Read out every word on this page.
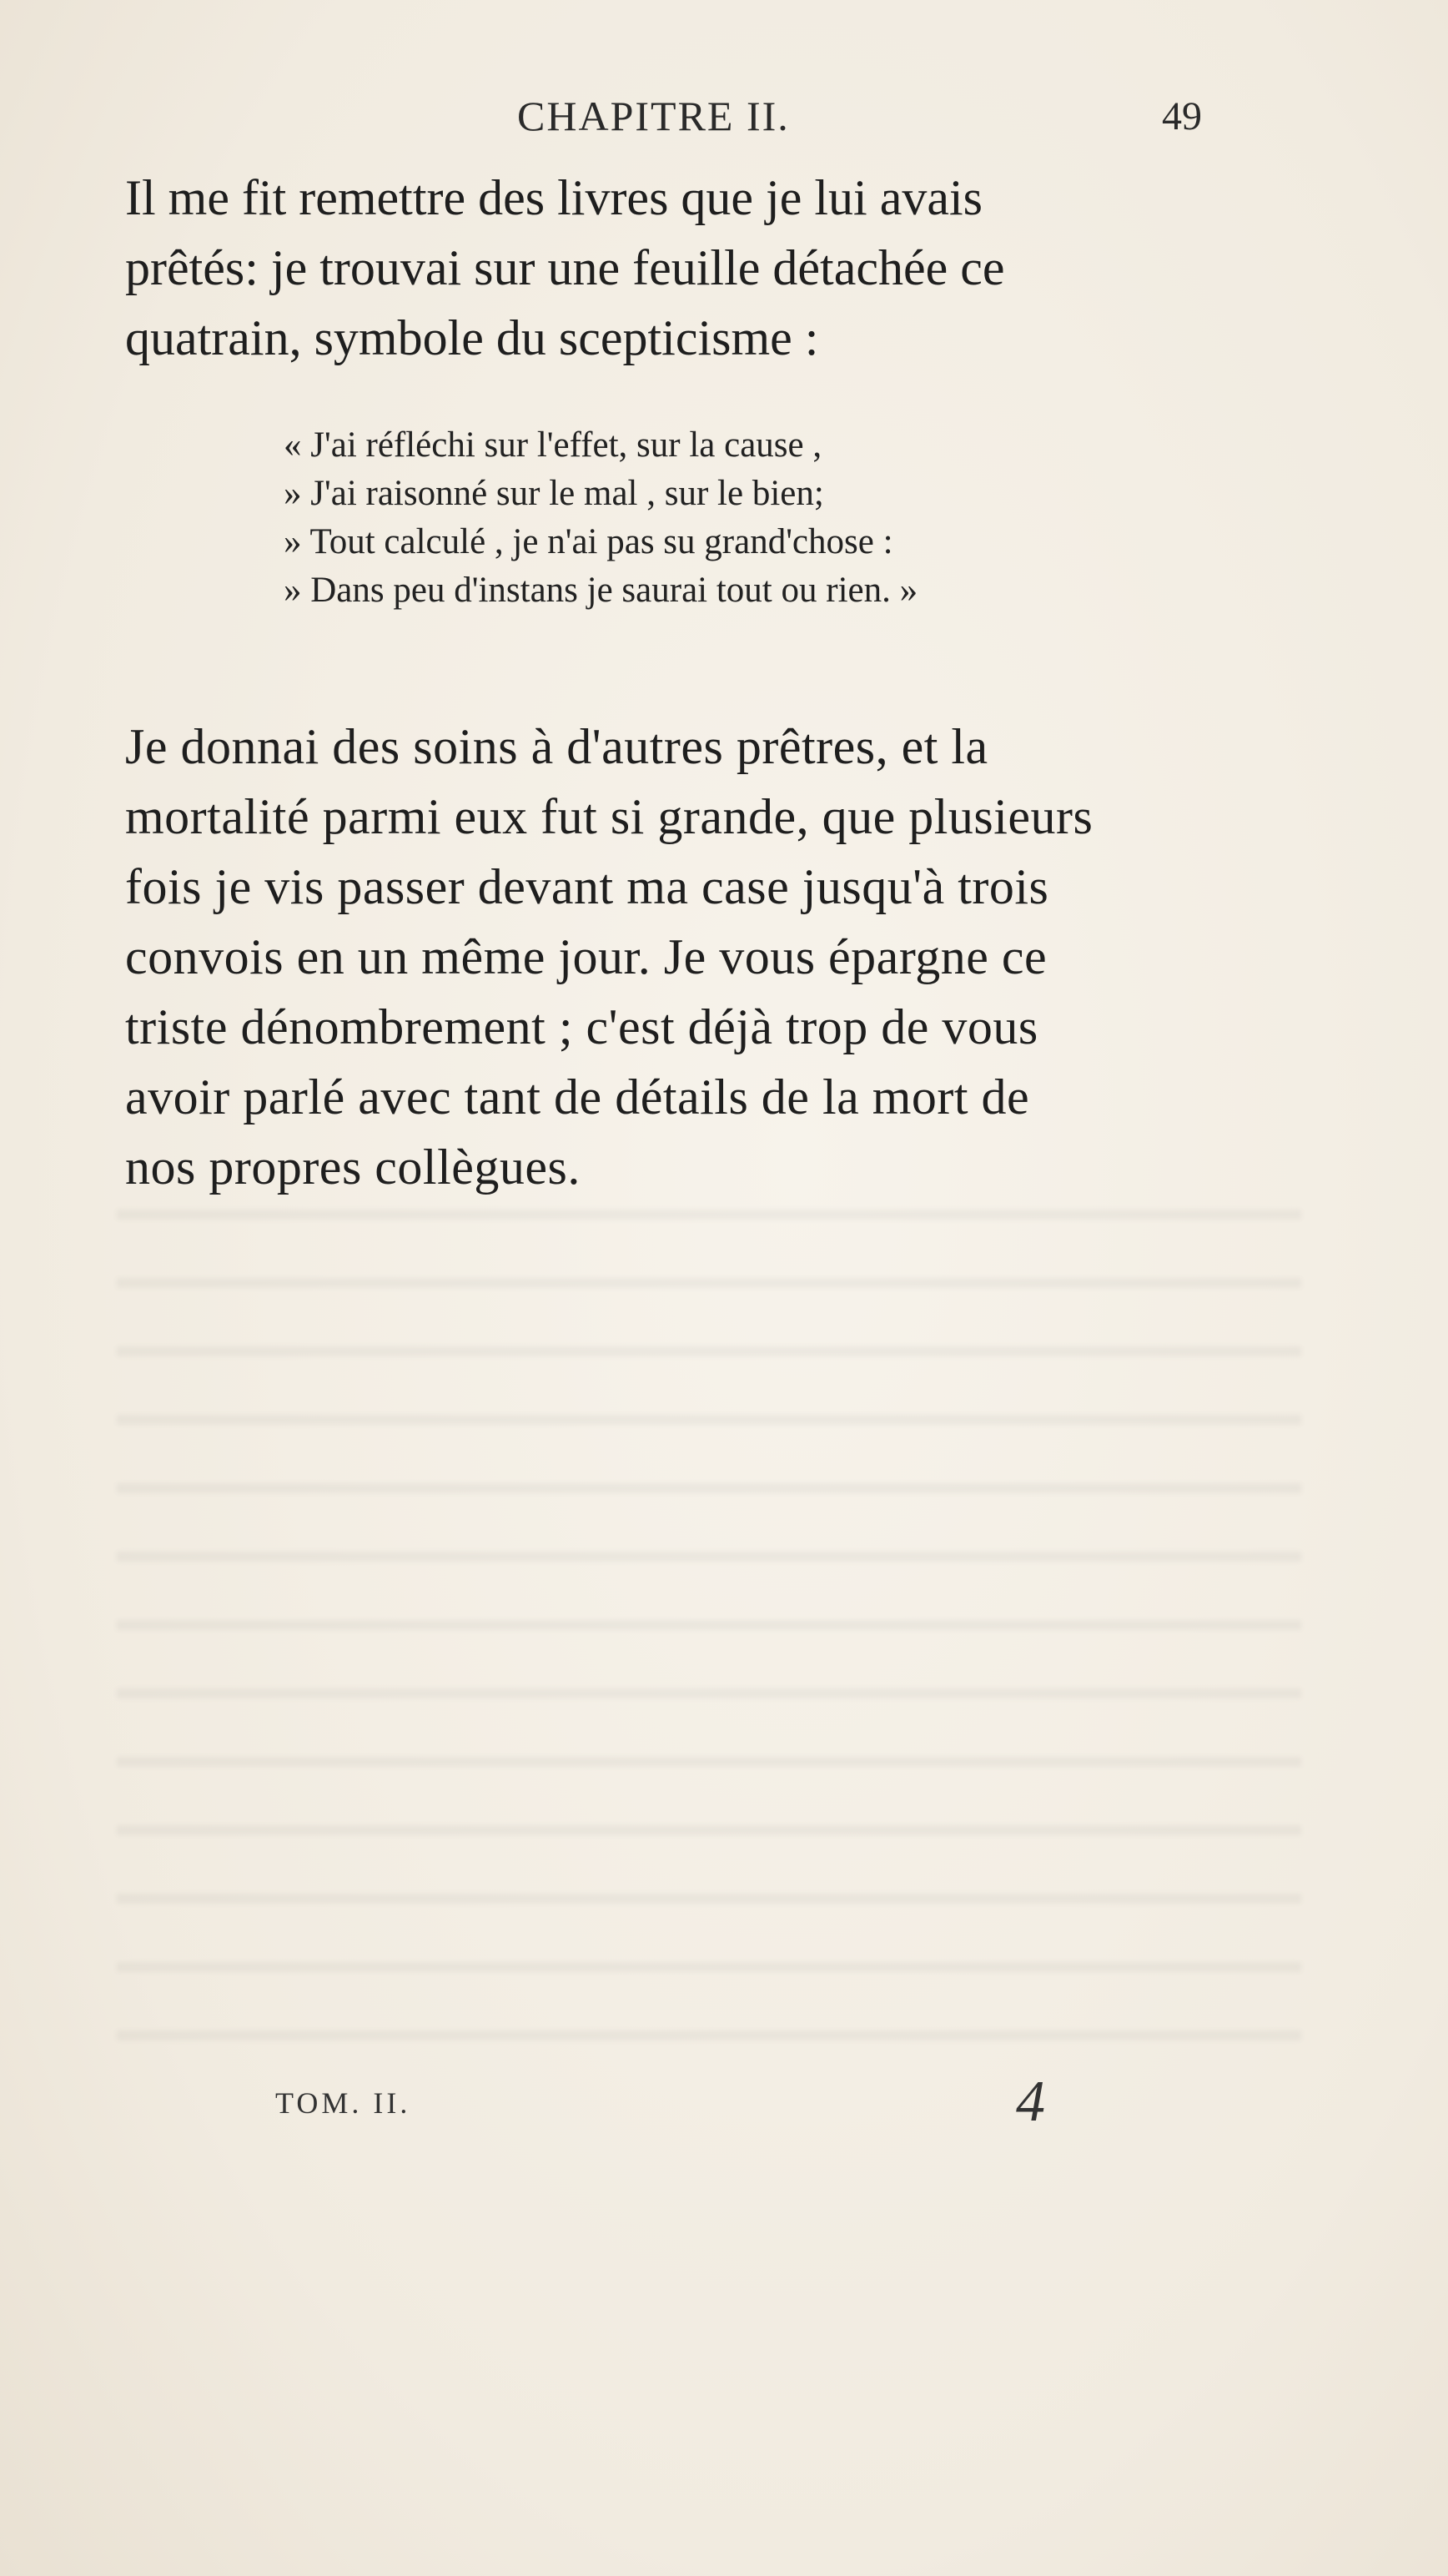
CHAPITRE II.	49

Il me fit remettre des livres que je lui avais

prêtés: je trouvai sur une feuille détachée ce

quatrain, symbole du scepticisme :

« J'ai réfléchi sur l'effet, sur la cause ,

» J'ai raisonné sur le mal , sur le bien;

» Tout calculé , je n'ai pas su grand'chose :

» Dans peu d'instans je saurai tout ou rien. »

Je donnai des soins à d'autres prêtres, et la

mortalité parmi eux fut si grande, que plusieurs

fois je vis passer devant ma case jusqu'à trois

convois en un même jour. Je vous épargne ce

triste dénombrement ; c'est déjà trop de vous

avoir parlé avec tant de détails de la mort de

nos propres collègues.

TOM. II.	4
